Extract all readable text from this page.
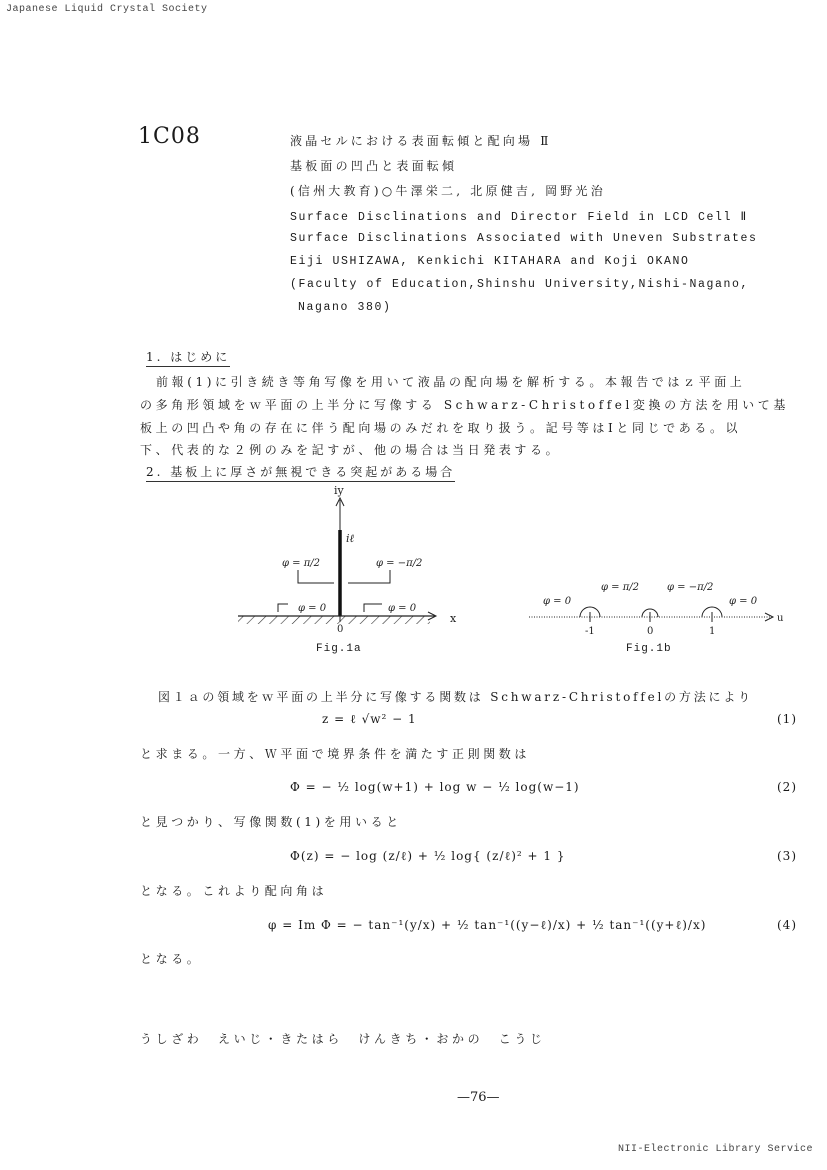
Japanese Liquid Crystal Society
NII-Electronic Library Service
1C08	液晶セルにおける表面転傾と配向場 Ⅱ
基板面の凹凸と表面転傾
(信州大教育)○牛澤栄二, 北原健吉, 岡野光治
Surface Disclinations and Director Field in LCD Cell Ⅱ
Surface Disclinations Associated with Uneven Substrates
Eiji USHIZAWA, Kenkichi KITAHARA and Koji OKANO
(Faculty of Education,Shinshu University,Nishi-Nagano,
Nagano 380)
1. はじめに
前報(1)に引き続き等角写像を用いて液晶の配向場を解析する。本報告ではｚ平面上
の多角形領域をｗ平面の上半分に写像する Schwarz-Christoffel変換の方法を用いて基
板上の凹凸や角の存在に伴う配向場のみだれを取り扱う。記号等はⅠと同じである。以
下、代表的な２例のみを記すが、他の場合は当日発表する。
2. 基板上に厚さが無視できる突起がある場合
iy
iℓ
x
0
φ = π/2	φ = −π/2
φ = 0	φ = 0
Fig.1a
φ = 0
φ = π/2	φ = −π/2
φ = 0
u
-1	0	1
Fig.1b
図１ａの領域をｗ平面の上半分に写像する関数は Schwarz-Christoffelの方法により
z = ℓ √w² − 1	(1)
と求まる。一方、Ｗ平面で境界条件を満たす正則関数は
Φ = − ½ log(w+1) + log w − ½ log(w−1)	(2)
と見つかり、写像関数(1)を用いると
Φ(z) = − log (z/ℓ) + ½ log{ (z/ℓ)² + 1 }	(3)
となる。これより配向角は
φ = Im Φ = − tan⁻¹(y/x) + ½ tan⁻¹((y−ℓ)/x) + ½ tan⁻¹((y+ℓ)/x)	(4)
となる。
うしざわ　えいじ・きたはら　けんきち・おかの　こうじ
—76—
